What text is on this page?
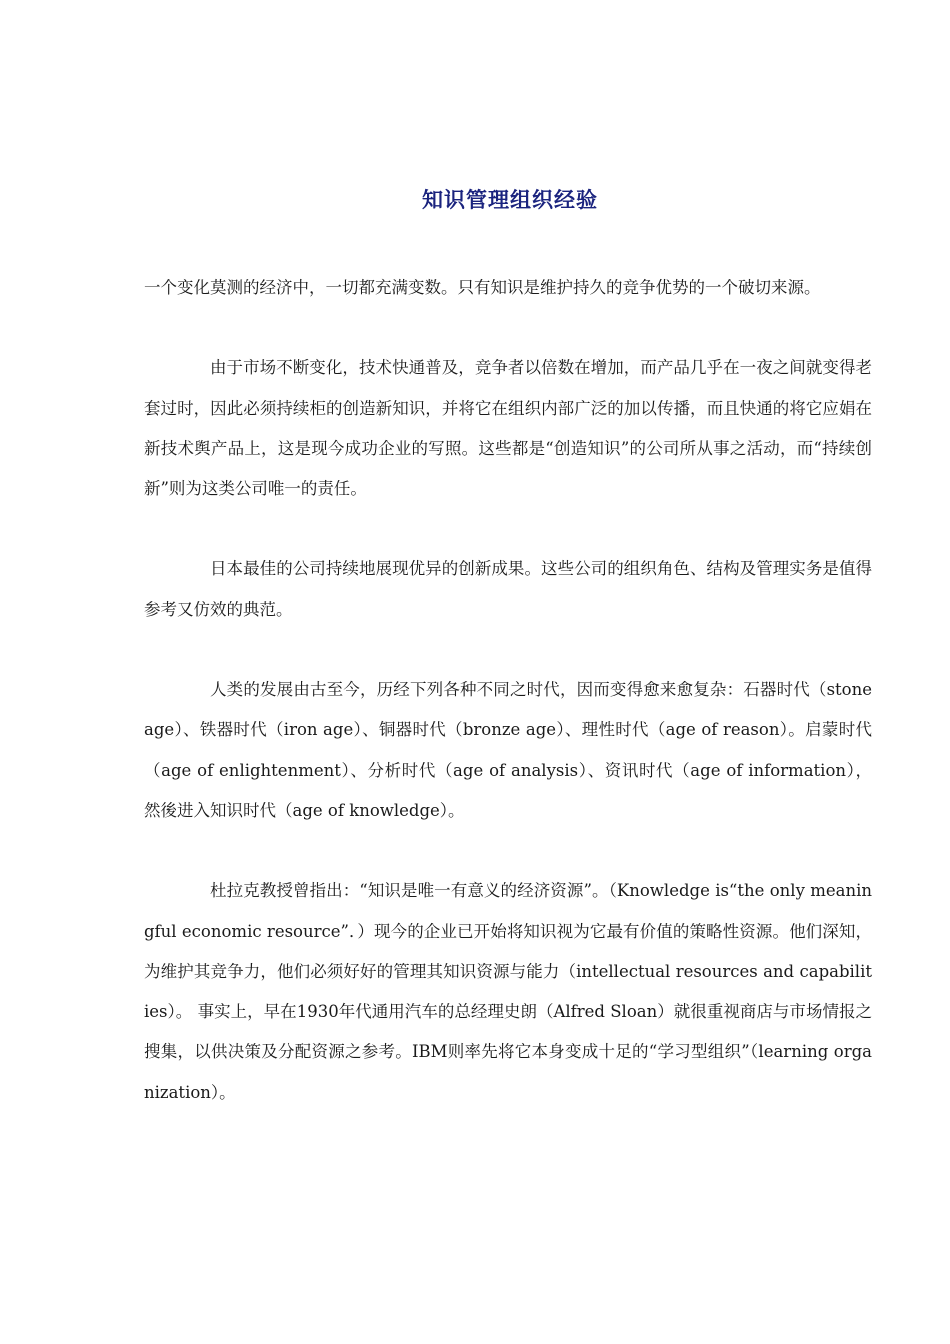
知识管理组织经验

一个变化莫测的经济中，一切都充满变数。只有知识是维护持久的竞争优势的一个破切来源。

由于市场不断变化，技术快通普及，竞争者以倍数在增加，而产品几乎在一夜之间就变得老套过时，因此必须持续柜的创造新知识，并将它在组织内部广泛的加以传播，而且快通的将它应娟在新技术舆产品上，这是现今成功企业的写照。这些都是“创造知识”的公司所从事之活动，而“持续创新”则为这类公司唯一的责任。

日本最佳的公司持续地展现优异的创新成果。这些公司的组织角色、结构及管理实务是值得参考又仿效的典范。

人类的发展由古至今，历经下列各种不同之时代，因而变得愈来愈复杂：石器时代（stone age）、铁器时代（iron age）、铜器时代（bronze age）、理性时代（age of reason）。启蒙时代（age of enlightenment）、分析时代（age of analysis）、资讯时代（age of information），然後进入知识时代（age of knowledge）。

杜拉克教授曾指出：“知识是唯一有意义的经济资源”。（Knowledge is“the only meaningful economic resource”．）现今的企业已开始将知识视为它最有价值的策略性资源。他们深知，为维护其竞争力，他们必须好好的管理其知识资源与能力（intellectual resources and capabilities）。 事实上，早在1930年代通用汽车的总经理史朗（Alfred Sloan）就很重视商店与市场情报之搜集，以供决策及分配资源之参考。IBM则率先将它本身变成十足的“学习型组织”（learning organization）。
